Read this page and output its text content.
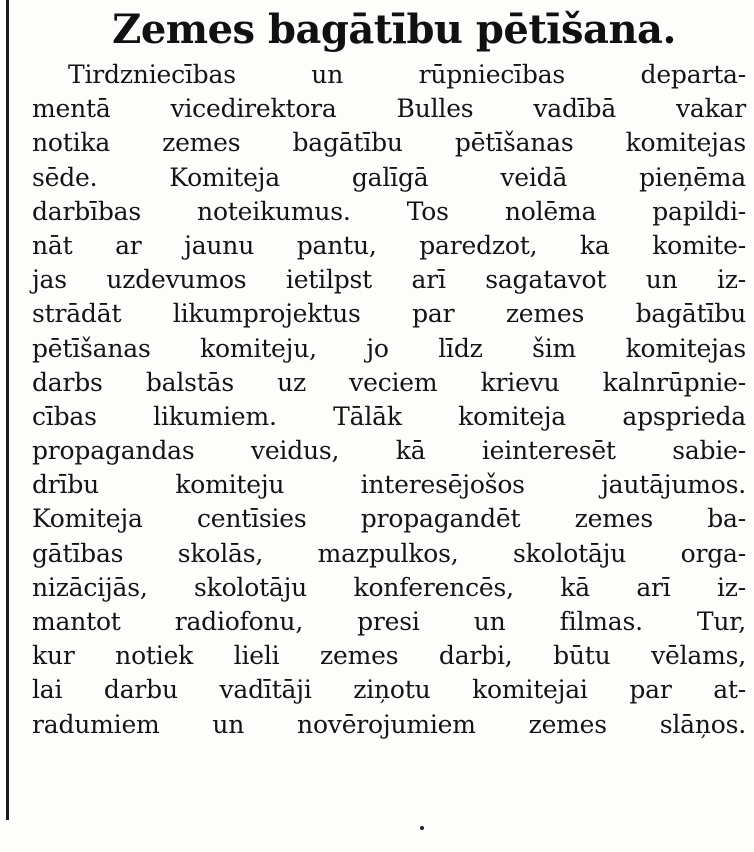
Zemes bagātību pētīšana.
Tirdzniecības un rūpniecības departa-
mentā vicedirektora Bulles vadībā vakar
notika zemes bagātību pētīšanas komitejas
sēde. Komiteja galīgā veidā pieņēma
darbības noteikumus. Tos nolēma papildi-
nāt ar jaunu pantu, paredzot, ka komite-
jas uzdevumos ietilpst arī sagatavot un iz-
strādāt likumprojektus par zemes bagātību
pētīšanas komiteju, jo līdz šim komitejas
darbs balstās uz veciem krievu kalnrūpnie-
cības likumiem. Tālāk komiteja apsprieda
propagandas veidus, kā ieinteresēt sabie-
drību komiteju interesējošos jautājumos.
Komiteja centīsies propagandēt zemes ba-
gātības skolās, mazpulkos, skolotāju orga-
nizācijās, skolotāju konferencēs, kā arī iz-
mantot radiofonu, presi un filmas. Tur,
kur notiek lieli zemes darbi, būtu vēlams,
lai darbu vadītāji ziņotu komitejai par at-
radumiem un novērojumiem zemes slāņos.
